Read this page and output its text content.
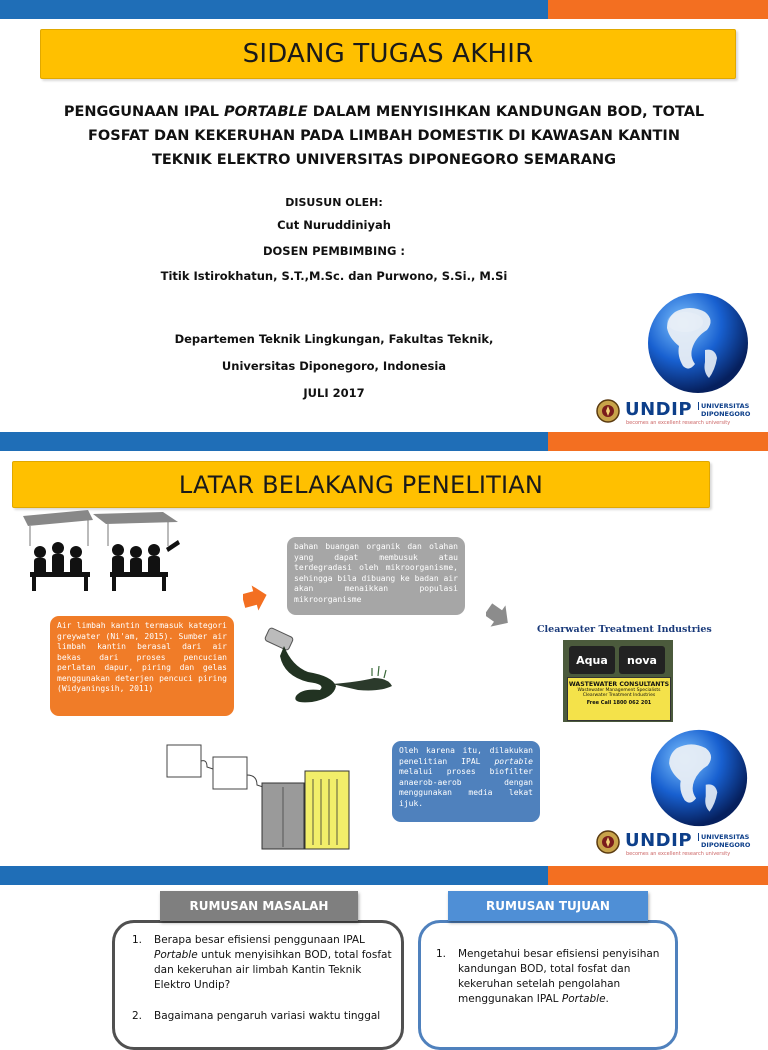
SIDANG TUGAS AKHIR
PENGGUNAAN IPAL PORTABLE DALAM MENYISIHKAN KANDUNGAN BOD, TOTAL
FOSFAT DAN KEKERUHAN PADA LIMBAH DOMESTIK DI KAWASAN KANTIN
TEKNIK ELEKTRO UNIVERSITAS DIPONEGORO SEMARANG
DISUSUN OLEH:
Cut Nuruddiniyah
DOSEN PEMBIMBING :
Titik Istirokhatun, S.T.,M.Sc. dan Purwono, S.Si., M.Si
Departemen Teknik Lingkungan, Fakultas Teknik,
Universitas Diponegoro, Indonesia
JULI 2017
UNDIP	UNIVERSITAS
DIPONEGORO
becomes an excellent research university
LATAR BELAKANG PENELITIAN
bahan buangan organik dan olahan yang dapat membusuk atau terdegradasi oleh mikroorganisme, sehingga bila dibuang ke badan air akan menaikkan populasi mikroorganisme
Air limbah kantin termasuk kategori greywater (Ni'am, 2015). Sumber air limbah kantin berasal dari air bekas dari proses pencucian perlatan dapur, piring dan gelas menggunakan deterjen pencuci piring (Widyaningsih, 2011)
Clearwater Treatment Industries
Aqua nova
WASTEWATER CONSULTANTS
Wastewater Management Specialists
Clearwater Treatment Industries
Free Call 1800 062 201
Oleh karena itu, dilakukan penelitian IPAL portable melalui proses biofilter anaerob-aerob dengan menggunakan media lekat ijuk.
UNDIP	UNIVERSITAS
DIPONEGORO
becomes an excellent research university
RUMUSAN MASALAH
1.	Berapa besar efisiensi penggunaan IPAL Portable untuk menyisihkan BOD, total fosfat dan kekeruhan air limbah Kantin Teknik Elektro Undip?
2.	Bagaimana pengaruh variasi waktu tinggal
RUMUSAN TUJUAN
1.	Mengetahui besar efisiensi penyisihan kandungan BOD, total fosfat dan kekeruhan setelah pengolahan menggunakan IPAL Portable.
